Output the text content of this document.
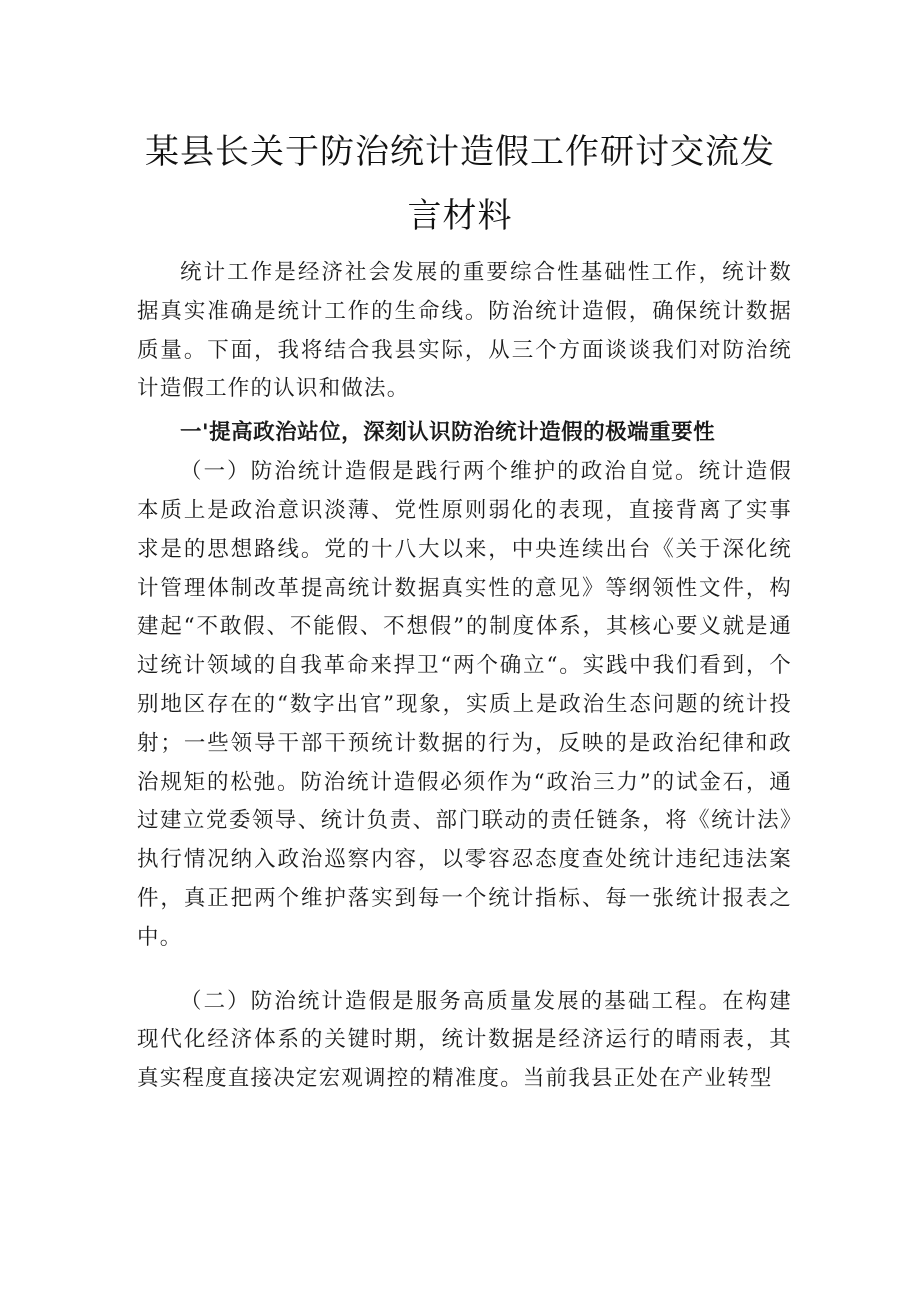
某县长关于防治统计造假工作研讨交流发
言材料

统计工作是经济社会发展的重要综合性基础性工作，统计数据真实准确是统计工作的生命线。防治统计造假，确保统计数据质量。下面，我将结合我县实际，从三个方面谈谈我们对防治统计造假工作的认识和做法。

一'提高政治站位，深刻认识防治统计造假的极端重要性

（一）防治统计造假是践行两个维护的政治自觉。统计造假本质上是政治意识淡薄、党性原则弱化的表现，直接背离了实事求是的思想路线。党的十八大以来，中央连续出台《关于深化统计管理体制改革提高统计数据真实性的意见》等纲领性文件，构建起“不敢假、不能假、不想假”的制度体系，其核心要义就是通过统计领域的自我革命来捍卫“两个确立“。实践中我们看到，个别地区存在的“数字出官”现象，实质上是政治生态问题的统计投射；一些领导干部干预统计数据的行为，反映的是政治纪律和政治规矩的松弛。防治统计造假必须作为“政治三力”的试金石，通过建立党委领导、统计负责、部门联动的责任链条，将《统计法》执行情况纳入政治巡察内容，以零容忍态度查处统计违纪违法案件，真正把两个维护落实到每一个统计指标、每一张统计报表之中。

（二）防治统计造假是服务高质量发展的基础工程。在构建现代化经济体系的关键时期，统计数据是经济运行的晴雨表，其真实程度直接决定宏观调控的精准度。当前我县正处在产业转型
